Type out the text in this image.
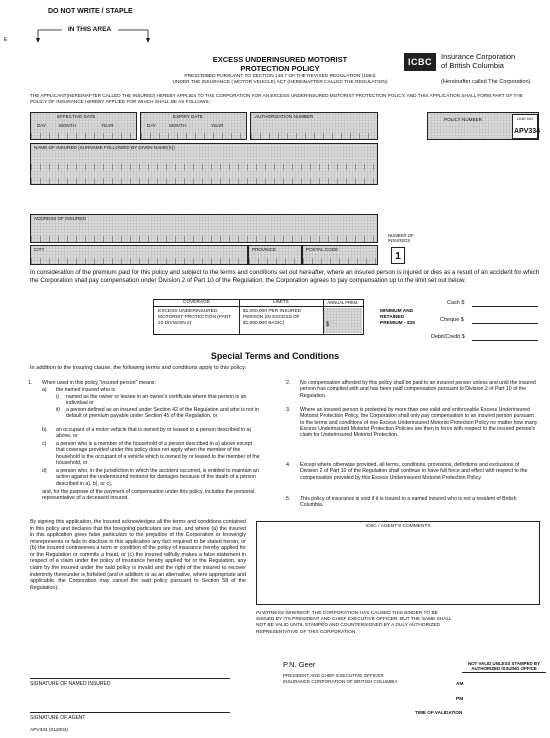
DO NOT WRITE / STAPLE
IN THIS AREA
E
EXCESS UNDERINSURED MOTORIST
PROTECTION POLICY
PRESCRIBED PURSUANT TO SECTION 148.7 OF THE REVISED REGULATION (1984)
UNDER THE INSURANCE ( MOTOR VEHICLE) ACT (HEREINAFTER CALLED THE REGULATION)
ICBC
Insurance Corporation
of British Columbia
(Hereinafter called The Corporation)
THE APPLICANT(HEREINAFTER CALLED THE INSURED) HEREBY APPLIES TO THE CORPORATION FOR AN EXCESS UNDERINSURED MOTORIST PROTECTION POLICY, AND THIS APPLICATION SHALL FORM PART OF THE POLICY OF INSURANCE HEREBY APPLIED FOR WHICH SHALL BE AS FOLLOWS:
EFFECTIVE DATE
DAY	MONTH	YEAR
EXPIRY DATE
DAY	MONTH	YEAR
AUTHORIZATION NUMBER
POLICY NUMBER	LINE NO.
APV334
NAME OF INSURED (SURNAME FOLLOWED BY GIVEN NAME(S))
ADDRESS OF INSURED
CITY	PROVINCE	POSTAL CODE
NUMBER OF INSUREDS
1
In consideration of the premium paid for this policy and subject to the terms and conditions set out hereafter, where an insured person is injured or dies as a result of an accident for which the Corporation shall pay compensation under Division 2 of Part 10 of the Regulation, the Corporation agrees to pay compensation up to the limit set out below.
COVERAGE	LIMITS	ANNUAL PREM.
EXCESS UNDERINSURED MOTORIST PROTECTION (PART 10 DIVISION 2)
$1,000,000 PER INSURED PERSON (IN EXCESS OF $1,000,000 BASIC)	$
MINIMUM AND RETAINED PREMIUM - $25
Cash $
Cheque $
Debit/Credit $
Special Terms and Conditions
In addition to the insuring clause, the following terms and conditions apply to this policy:
1. When used in this policy "insured person" means:
a) the named insured who is
i) named as the owner or lessee in an owner's certificate where that person is an individual or
ii) a person defined as an insured under Section 42 of the Regulation and who is not in default of premium payable under Section 45 of the Regulation, or
b) an occupant of a motor vehicle that is owned by or leased to a person described in a) above, or
c) a person who is a member of the household of a person described in a) above except that coverage provided under this policy does not apply when the member of the household is the occupant of a vehicle which is owned by or leased to the member of the household, or
d) a person who, in the jurisdiction in which the accident occurred, is entitled to maintain an action against the underinsured motorist for damages because of the death of a person described in a), b), or c),
and, for the purpose of the payment of compensation under this policy, includes the personal representative of a deceased insured.
2. No compensation afforded by this policy shall be paid to an insured person unless and until the insured person has complied with and has been paid compensation pursuant to Division 2 of Part 10 of the Regulation.
3. Where an insured person is protected by more than one valid and enforceable Excess Underinsured Motorist Protection Policy, the Corporation shall only pay compensation to an insured person pursuant to the terms and conditions of one Excess Underinsured Motorist Protection Policy no matter how many Excess Underinsured Motorist Protection Policies are then in force with respect to the insured person's claim for Underinsured Motorist Protection.
4. Except where otherwise provided, all terms, conditions, provisions, definitions and exclusions of Division 2 of Part 10 of the Regulation shall continue to have full force and effect with respect to the compensation provided by this Excess Underinsured Motorist Protection Policy.
5. This policy of insurance is void if it is issued to a named insured who is not a resident of British Columbia.
By signing this application, the insured acknowledges all the terms and conditions contained in this policy and declares that the foregoing particulars are true, and where (a) the insured in this application gives false particulars to the prejudice of the Corporation or knowingly misrepresents or fails to disclose in this application any fact required to be stated herein, or (b) the insured contravenes a term or condition of the policy of insurance hereby applied for or the Regulation or commits a fraud, or (c) the insured wilfully makes a false statement in respect of a claim under the policy of insurance hereby applied for or the Regulation, any claim by the insured under the said policy is invalid and the right of the insured to recover indemnity thereunder is forfeited (and in addition or as an alternative, where appropriate and applicable, the Corporation may cancel the said policy pursuant to Section 58 of the Regulation).
ICBC / AGENT'S COMMENTS
IN WITNESS WHEREOF, THE CORPORATION HAS CAUSED THIS BINDER TO BE SIGNED BY ITS PRESIDENT AND CHIEF EXECUTIVE OFFICER, BUT THE SAME SHALL NOT BE VALID UNTIL STAMPED AND COUNTERSIGNED BY A DULY AUTHORIZED REPRESENTATIVE OF THIS CORPORATION.
P.N. Geer
PRESIDENT AND CHIEF EXECUTIVE OFFICER
INSURANCE CORPORATION OF BRITISH COLUMBIA
NOT VALID UNLESS STAMPED BY
AUTHORIZED ISSUING OFFICE
AM
PM
TIME OF VALIDATION
SIGNATURE OF NAMED INSURED
SIGNATURE OF AGENT
APV334 (012004)
